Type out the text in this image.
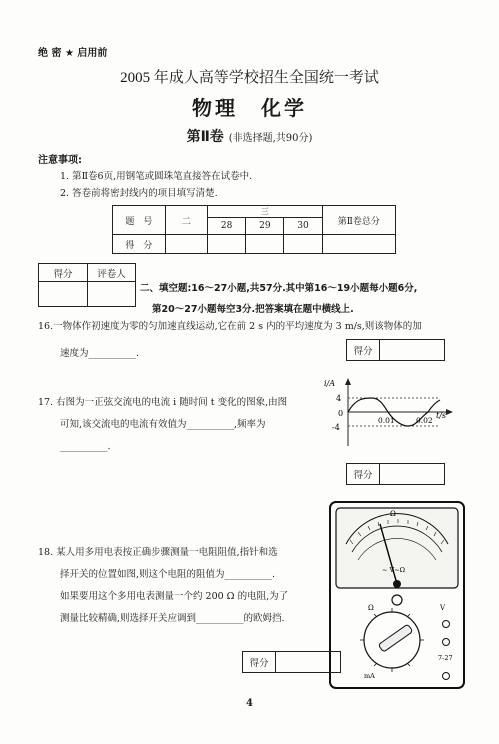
绝 密 ★ 启用前
2005 年成人高等学校招生全国统一考试
物理　化学
第Ⅱ卷 (非选择题,共90分)
注意事项:
1. 第Ⅱ卷6页,用钢笔或圆珠笔直接答在试卷中.
2. 答卷前将密封线内的项目填写清楚.
题　号	二	三			第Ⅱ卷总分
		28	29	30	
得　分					
得分	评卷人

二、填空题:16～27小题,共57分.其中第16～19小题每小题6分,
第20～27小题每空3分.把答案填在题中横线上.
16.一物体作初速度为零的匀加速直线运动,它在前 2 s 内的平均速度为 3 m/s,则该物体的加
速度为__________.	得分	
17. 右图为一正弦交流电的电流 i 随时间 t 变化的图象,由图
可知,该交流电的电流有效值为__________,频率为
__________.
i/A
t/s
4
0
-4
0.01	0.02
得分	
18. 某人用多用电表按正确步骤测量一电阻阻值,指针和选
择开关的位置如图,则这个电阻的阻值为__________.
如果要用这个多用电表测量一个约 200 Ω 的电阻,为了
测量比较精确,则选择开关应调到__________的欧姆挡.
Ω
~ V~Ω
Ω
mA
V
7-27
得分	
4
